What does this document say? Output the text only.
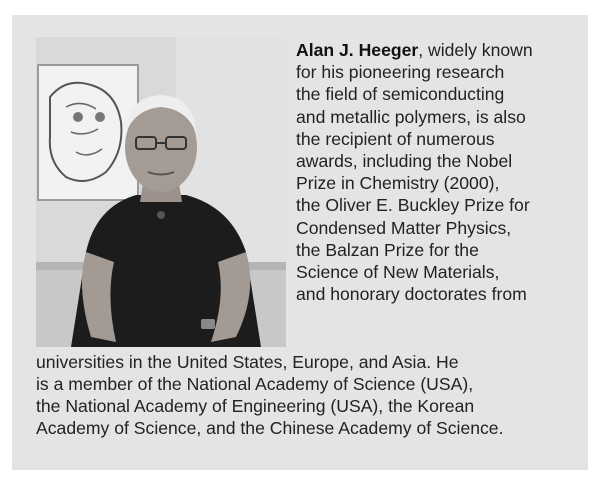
Alan J. Heeger, widely known
for his pioneering research
the field of semiconducting
and metallic polymers, is also
the recipient of numerous
awards, including the Nobel
Prize in Chemistry (2000),
the Oliver E. Buckley Prize for
Condensed Matter Physics,
the Balzan Prize for the
Science of New Materials,
and honorary doctorates from
universities in the United States, Europe, and Asia. He
is a member of the National Academy of Science (USA),
the National Academy of Engineering (USA), the Korean
Academy of Science, and the Chinese Academy of Science.
